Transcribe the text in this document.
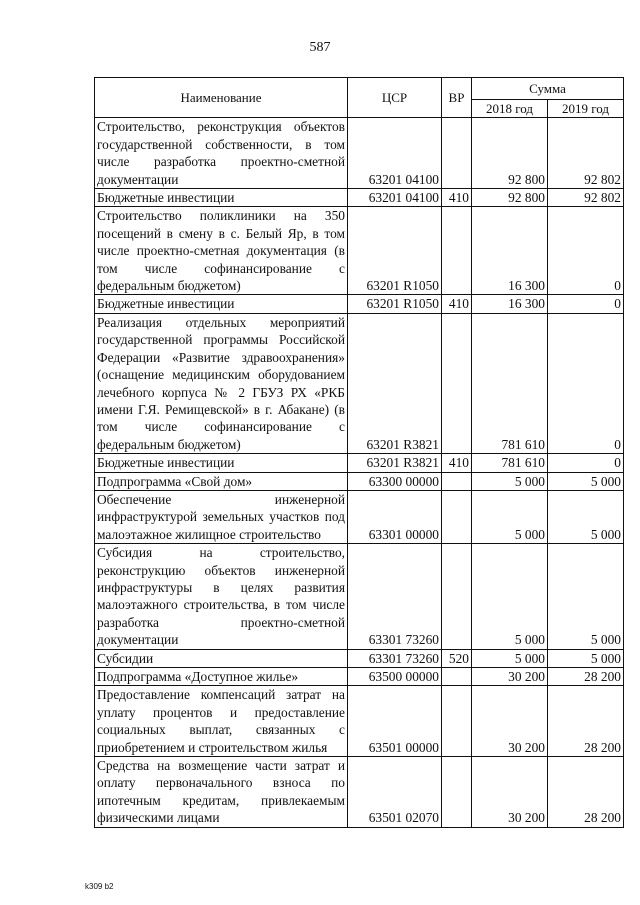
587
Наименование	ЦСР	ВР	Сумма	
			2018 год	2019 год
Строительство, реконструкция объектов государственной собственности, в том числе разработка проектно-сметной документации	63201 04100		92 800	92 802
Бюджетные инвестиции	63201 04100	410	92 800	92 802
Строительство поликлиники на 350 посещений в смену в с. Белый Яр, в том числе проектно-сметная документация (в том числе софинансирование с федеральным бюджетом)	63201 R1050		16 300	0
Бюджетные инвестиции	63201 R1050	410	16 300	0
Реализация отдельных мероприятий государственной программы Российской Федерации «Развитие здравоохранения» (оснащение медицинским оборудованием лечебного корпуса № 2 ГБУЗ РХ «РКБ имени Г.Я. Ремищевской» в г. Абакане) (в том числе софинансирование с федеральным бюджетом)	63201 R3821		781 610	0
Бюджетные инвестиции	63201 R3821	410	781 610	0
Подпрограмма «Свой дом»	63300 00000		5 000	5 000
Обеспечение инженерной инфраструктурой земельных участков под малоэтажное жилищное строительство	63301 00000		5 000	5 000
Субсидия на строительство, реконструкцию объектов инженерной инфраструктуры в целях развития малоэтажного строительства, в том числе разработка проектно-сметной документации	63301 73260		5 000	5 000
Субсидии	63301 73260	520	5 000	5 000
Подпрограмма «Доступное жилье»	63500 00000		30 200	28 200
Предоставление компенсаций затрат на уплату процентов и предоставление социальных выплат, связанных с приобретением и строительством жилья	63501 00000		30 200	28 200
Средства на возмещение части затрат и оплату первоначального взноса по ипотечным кредитам, привлекаемым физическими лицами	63501 02070		30 200	28 200
k309 b2
